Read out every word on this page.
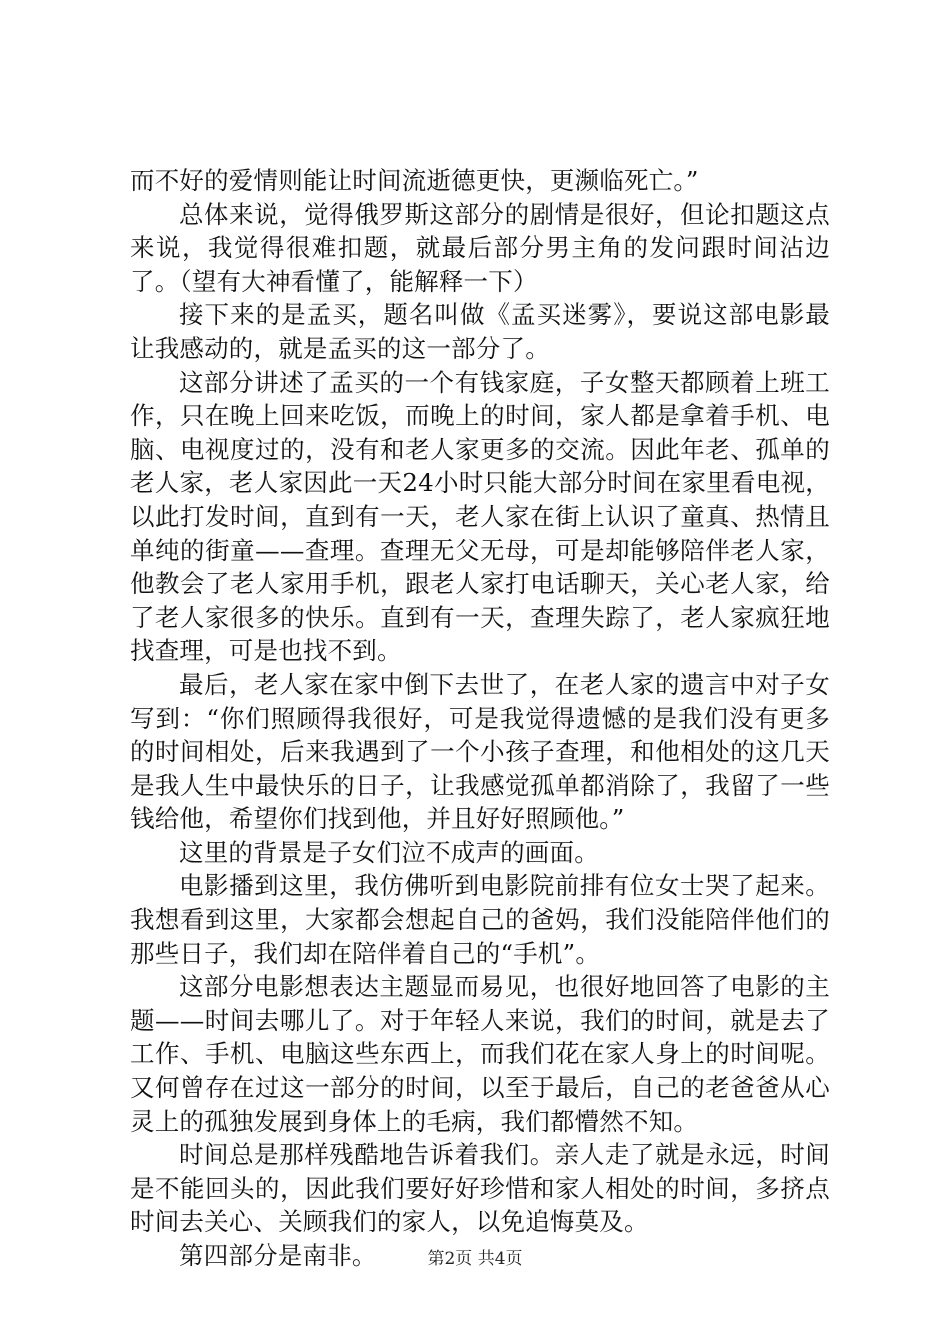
而不好的爱情则能让时间流逝德更快，更濒临死亡。”

总体来说，觉得俄罗斯这部分的剧情是很好，但论扣题这点来说，我觉得很难扣题，就最后部分男主角的发问跟时间沾边了。（望有大神看懂了，能解释一下）

接下来的是孟买，题名叫做《孟买迷雾》，要说这部电影最让我感动的，就是孟买的这一部分了。

这部分讲述了孟买的一个有钱家庭，子女整天都顾着上班工作，只在晚上回来吃饭，而晚上的时间，家人都是拿着手机、电脑、电视度过的，没有和老人家更多的交流。因此年老、孤单的老人家，老人家因此一天24小时只能大部分时间在家里看电视，以此打发时间，直到有一天，老人家在街上认识了童真、热情且单纯的街童——查理。查理无父无母，可是却能够陪伴老人家，他教会了老人家用手机，跟老人家打电话聊天，关心老人家，给了老人家很多的快乐。直到有一天，查理失踪了，老人家疯狂地找查理，可是也找不到。

最后，老人家在家中倒下去世了，在老人家的遗言中对子女写到：“你们照顾得我很好，可是我觉得遗憾的是我们没有更多的时间相处，后来我遇到了一个小孩子查理，和他相处的这几天是我人生中最快乐的日子，让我感觉孤单都消除了，我留了一些钱给他，希望你们找到他，并且好好照顾他。”

这里的背景是子女们泣不成声的画面。

电影播到这里，我仿佛听到电影院前排有位女士哭了起来。我想看到这里，大家都会想起自己的爸妈，我们没能陪伴他们的那些日子，我们却在陪伴着自己的“手机”。

这部分电影想表达主题显而易见，也很好地回答了电影的主题——时间去哪儿了。对于年轻人来说，我们的时间，就是去了工作、手机、电脑这些东西上，而我们花在家人身上的时间呢。又何曾存在过这一部分的时间，以至于最后，自己的老爸爸从心灵上的孤独发展到身体上的毛病，我们都懵然不知。

时间总是那样残酷地告诉着我们。亲人走了就是永远，时间是不能回头的，因此我们要好好珍惜和家人相处的时间，多挤点时间去关心、关顾我们的家人，以免追悔莫及。

第四部分是南非。	第2页 共4页
